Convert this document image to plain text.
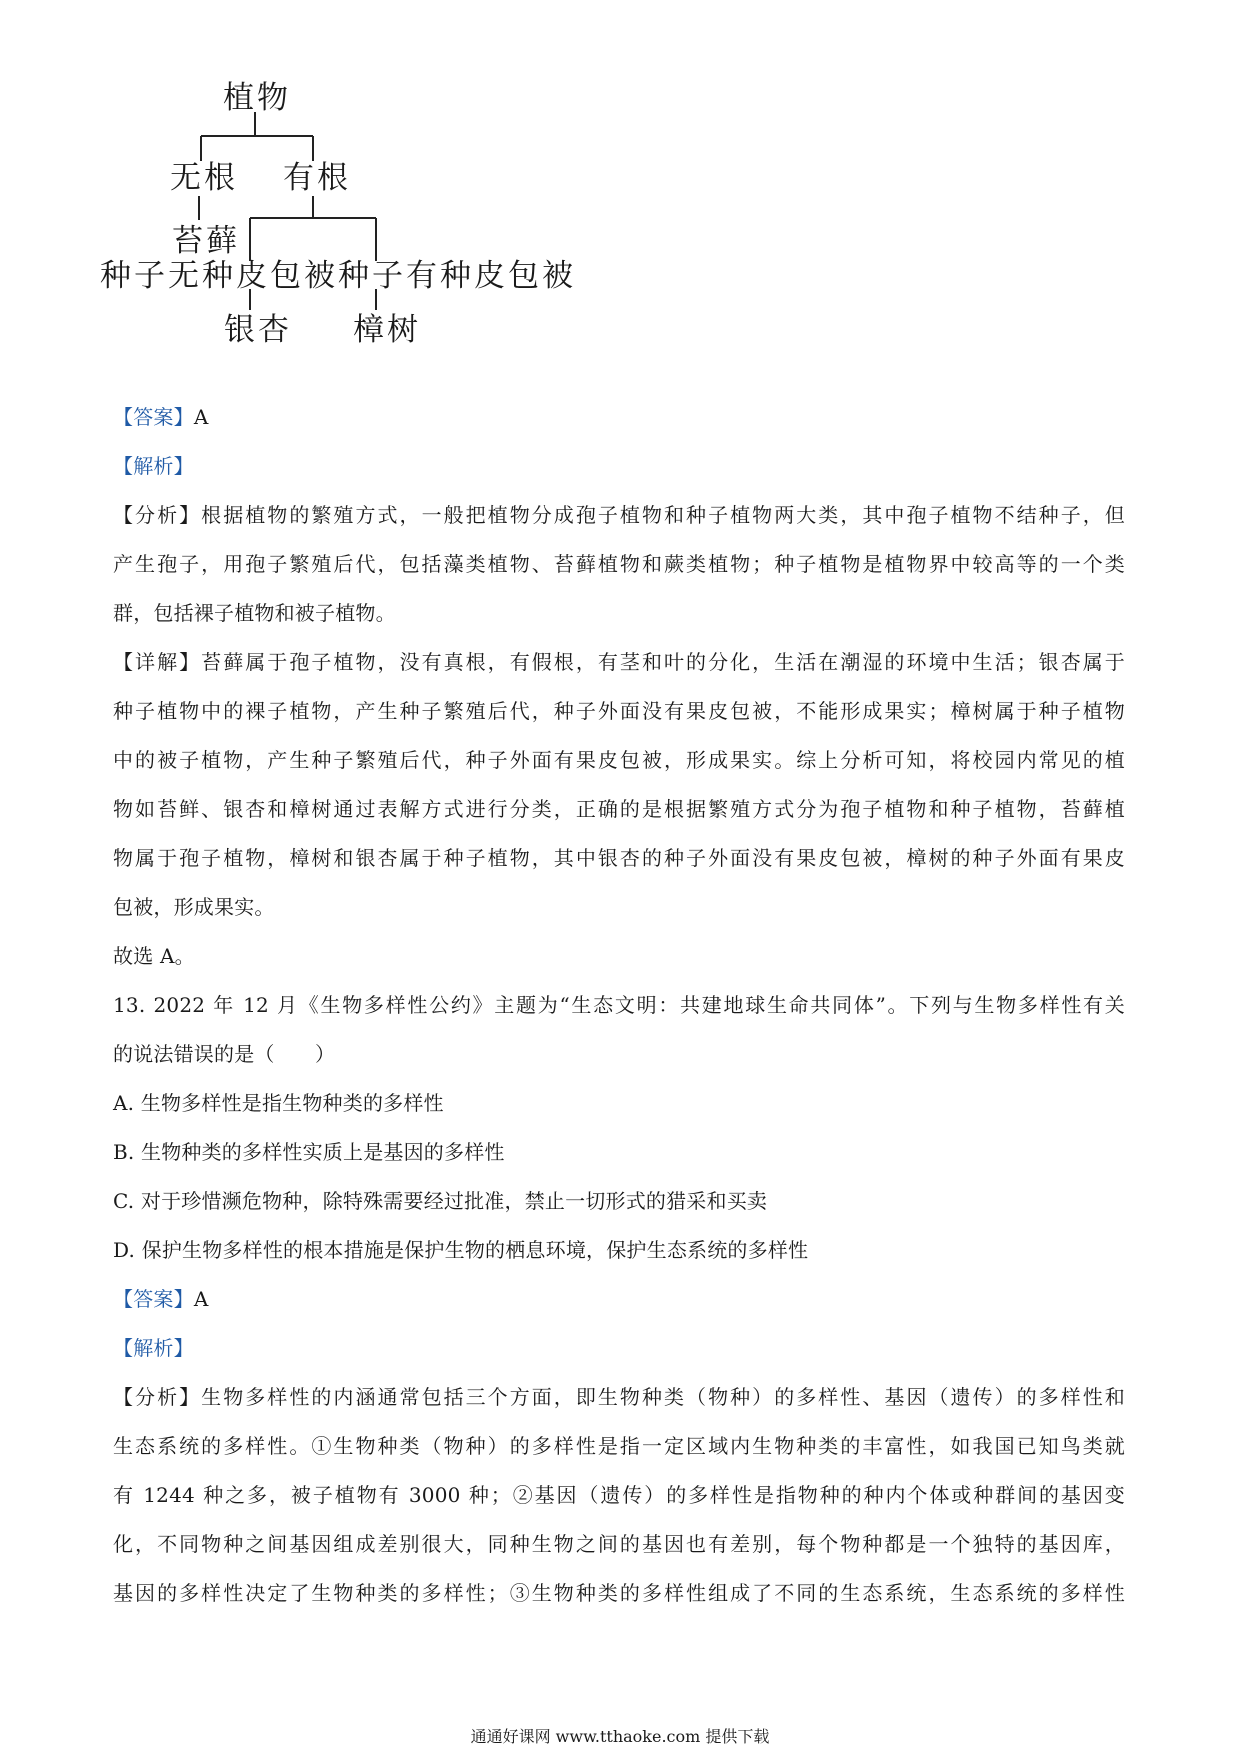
植物
无根 有根
苔藓
种子无种皮包被 种子有种皮包被
银杏 樟树
【答案】A
【解析】
【分析】根据植物的繁殖方式，一般把植物分成孢子植物和种子植物两大类，其中孢子植物不结种子，但
产生孢子，用孢子繁殖后代，包括藻类植物、苔藓植物和蕨类植物；种子植物是植物界中较高等的一个类
群，包括裸子植物和被子植物。
【详解】苔藓属于孢子植物，没有真根，有假根，有茎和叶的分化，生活在潮湿的环境中生活；银杏属于
种子植物中的裸子植物，产生种子繁殖后代，种子外面没有果皮包被，不能形成果实；樟树属于种子植物
中的被子植物，产生种子繁殖后代，种子外面有果皮包被，形成果实。综上分析可知，将校园内常见的植
物如苔鲜、银杏和樟树通过表解方式进行分类，正确的是根据繁殖方式分为孢子植物和种子植物，苔藓植
物属于孢子植物，樟树和银杏属于种子植物，其中银杏的种子外面没有果皮包被，樟树的种子外面有果皮
包被，形成果实。
故选 A。
13. 2022 年 12 月《生物多样性公约》主题为“生态文明：共建地球生命共同体”。下列与生物多样性有关
的说法错误的是（　　）
A. 生物多样性是指生物种类的多样性
B. 生物种类的多样性实质上是基因的多样性
C. 对于珍惜濒危物种，除特殊需要经过批准，禁止一切形式的猎采和买卖
D. 保护生物多样性的根本措施是保护生物的栖息环境，保护生态系统的多样性
【答案】A
【解析】
【分析】生物多样性的内涵通常包括三个方面，即生物种类（物种）的多样性、基因（遗传）的多样性和
生态系统的多样性。①生物种类（物种）的多样性是指一定区域内生物种类的丰富性，如我国已知鸟类就
有 1244 种之多，被子植物有 3000 种；②基因（遗传）的多样性是指物种的种内个体或种群间的基因变
化，不同物种之间基因组成差别很大，同种生物之间的基因也有差别，每个物种都是一个独特的基因库，
基因的多样性决定了生物种类的多样性；③生物种类的多样性组成了不同的生态系统，生态系统的多样性
通通好课网 www.tthaoke.com 提供下载
